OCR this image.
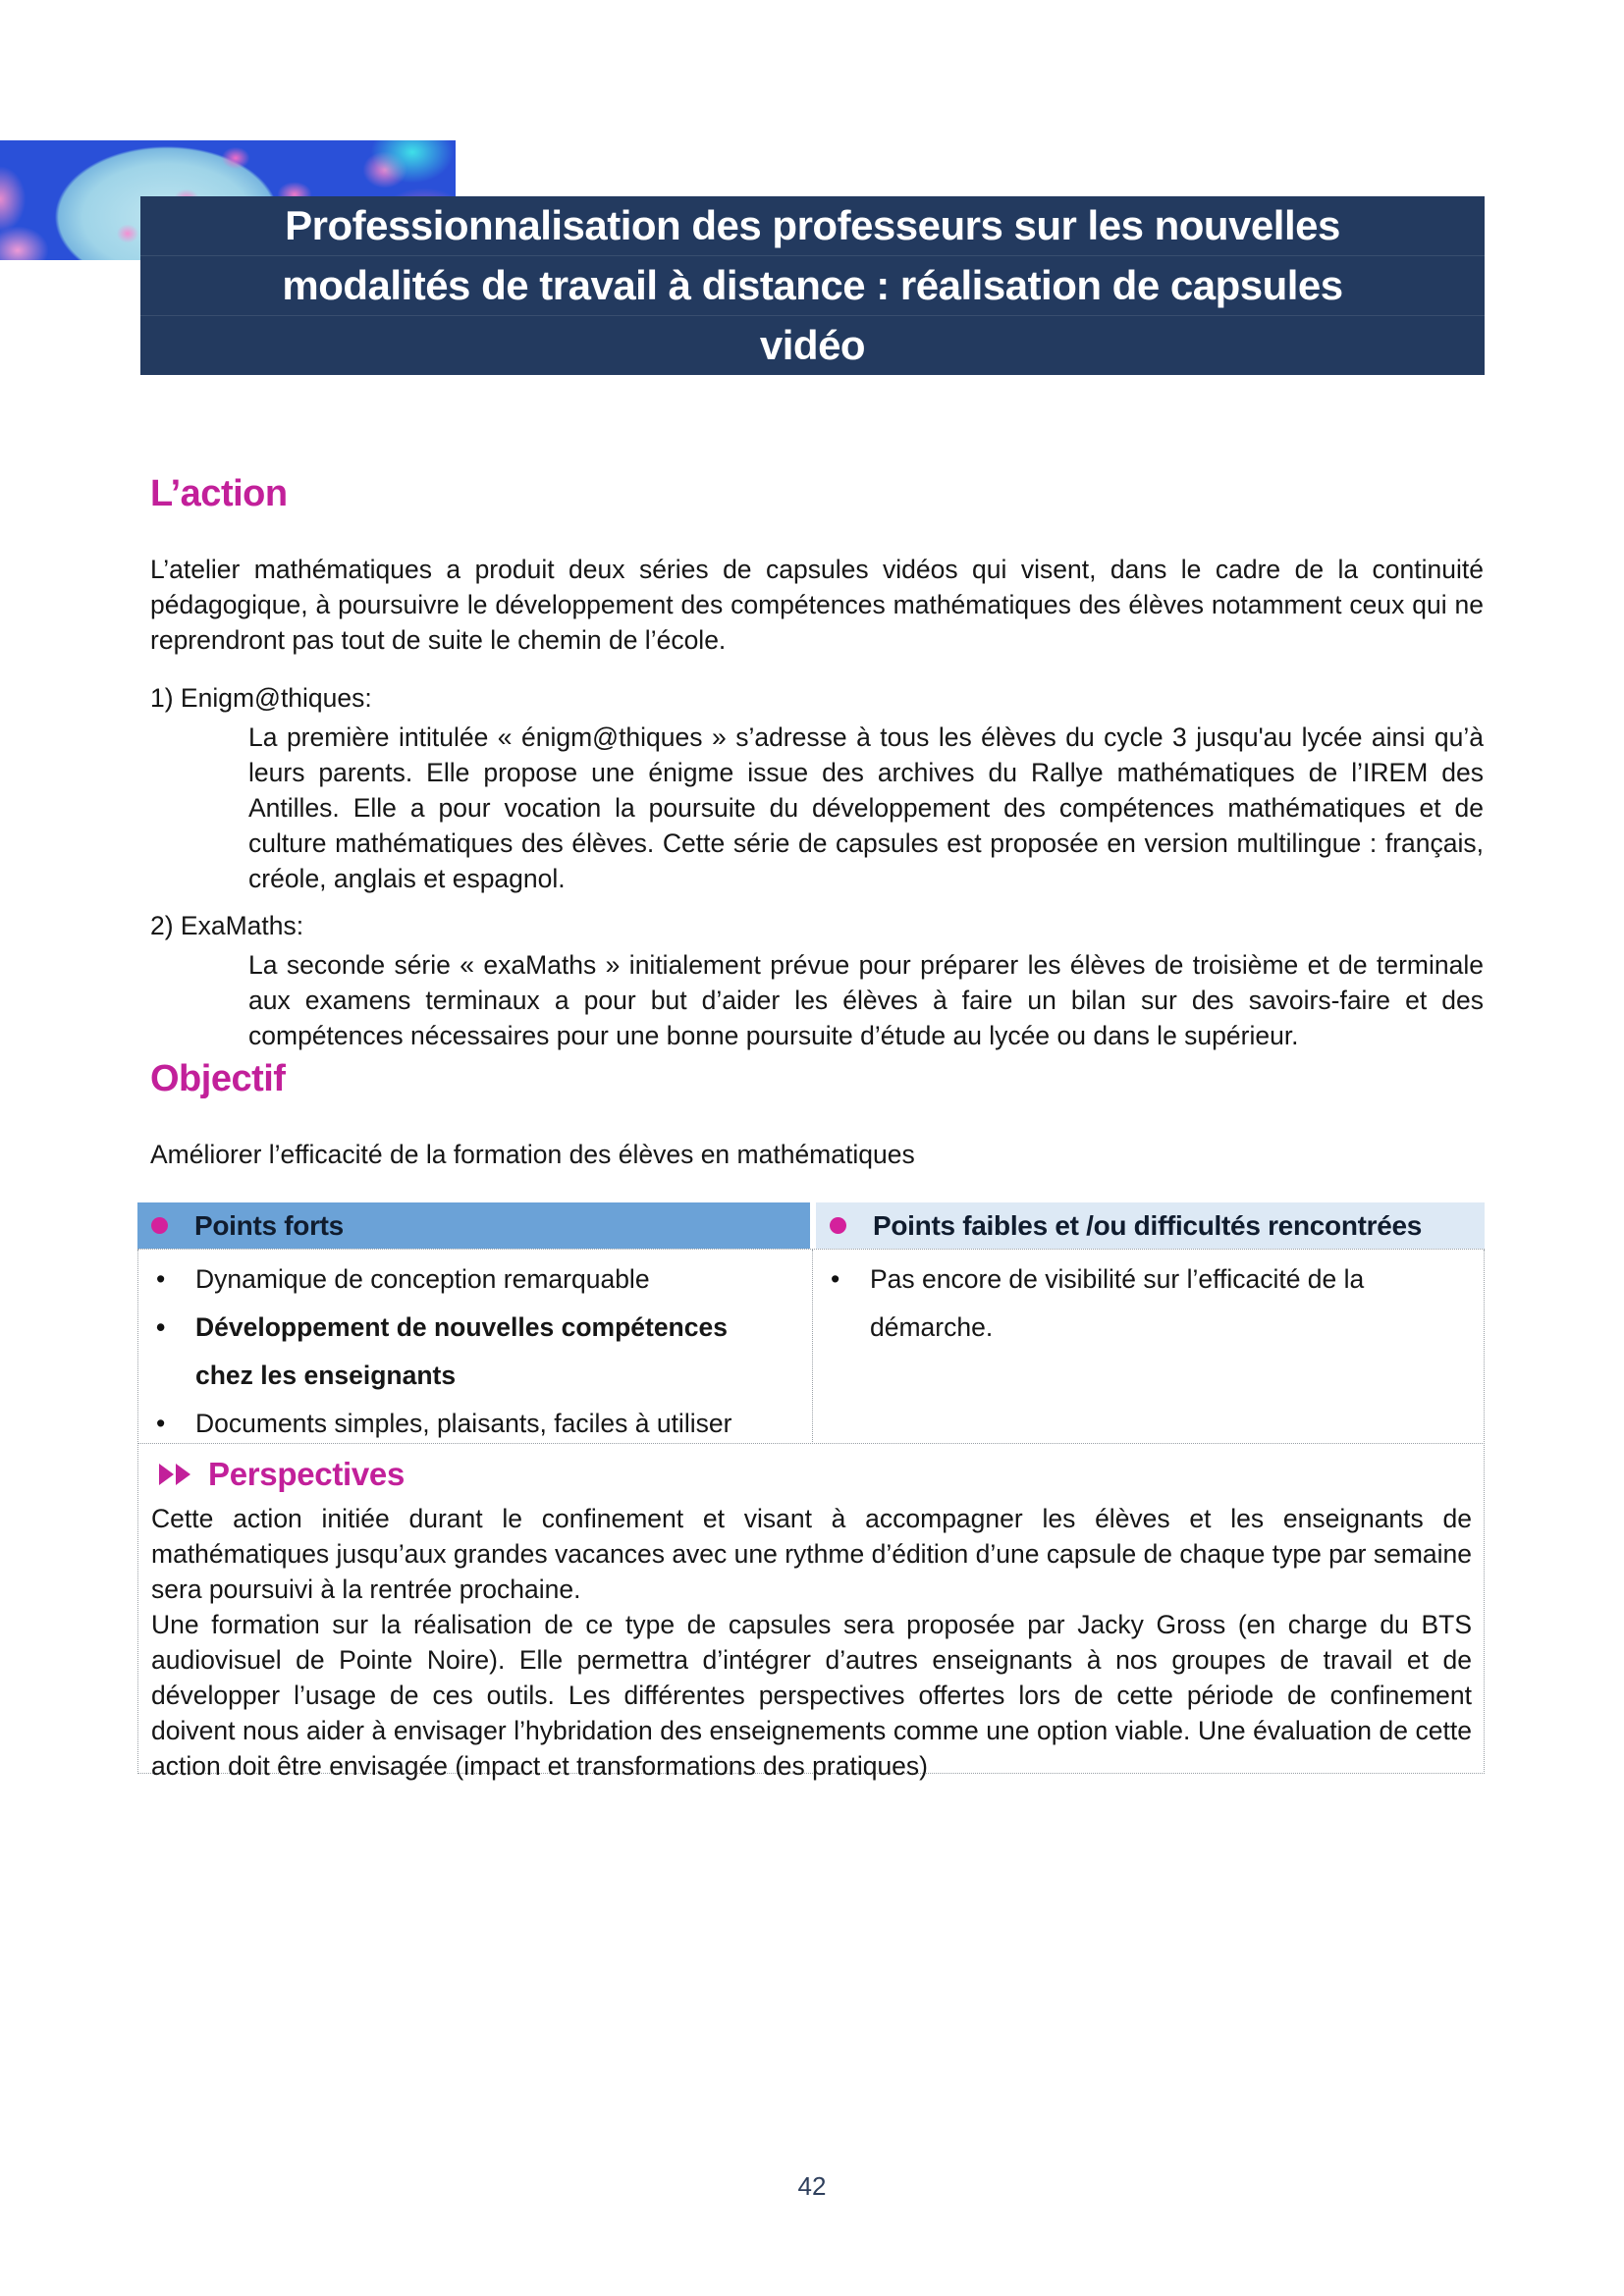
Professionnalisation des professeurs sur les nouvelles
modalités de travail à distance : réalisation de capsules
vidéo
L’action
L’atelier mathématiques a produit deux séries de capsules vidéos qui visent, dans le cadre de la continuité pédagogique, à poursuivre le développement des compétences mathématiques des élèves notamment ceux qui ne reprendront pas tout de suite le chemin de l’école.
1) Enigm@thiques:
La première intitulée « énigm@thiques » s’adresse à tous les élèves du cycle 3 jusqu'au lycée ainsi qu’à leurs parents. Elle propose une énigme issue des archives du Rallye mathématiques de l’IREM des Antilles. Elle a pour vocation la poursuite du développement des compétences mathématiques et de culture mathématiques des élèves. Cette série de capsules est proposée en version multilingue : français, créole, anglais et espagnol.
2) ExaMaths:
La seconde série « exaMaths » initialement prévue pour préparer les élèves de troisième et de terminale aux examens terminaux a pour but d’aider les élèves à faire un bilan sur des savoirs-faire et des compétences nécessaires pour une bonne poursuite d’étude au lycée ou dans le supérieur.
Objectif
Améliorer l’efficacité de la formation des élèves en mathématiques
Points forts	Points faibles et /ou difficultés rencontrées
• Dynamique de conception remarquable
• Développement de nouvelles compétences chez les enseignants
• Documents simples, plaisants, faciles à utiliser
• Pas encore de visibilité sur l’efficacité de la démarche.
Perspectives
Cette action initiée durant le confinement et visant à accompagner les élèves et les enseignants de mathématiques jusqu’aux grandes vacances avec une rythme d’édition d’une capsule de chaque type par semaine sera poursuivi à la rentrée prochaine.
Une formation sur la réalisation de ce type de capsules sera proposée par Jacky Gross (en charge du BTS audiovisuel de Pointe Noire). Elle permettra d’intégrer d’autres enseignants à nos groupes de travail et de développer l’usage de ces outils. Les différentes perspectives offertes lors de cette période de confinement doivent nous aider à envisager l’hybridation des enseignements comme une option viable. Une évaluation de cette action doit être envisagée (impact et transformations des pratiques)
42
